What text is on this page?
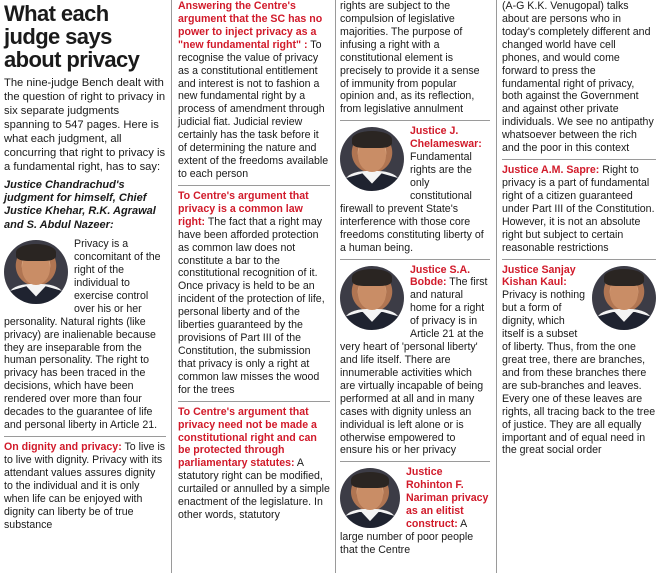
What each judge says about privacy

The nine-judge Bench dealt with the question of right to privacy in six separate judgments spanning to 547 pages. Here is what each judgment, all concurring that right to privacy is a fundamental right, has to say:

Justice Chandrachud's judgment for himself, Chief Justice Khehar, R.K. Agrawal and S. Abdul Nazeer:

Privacy is a concomitant of the right of the individual to exercise control over his or her personality. Natural rights (like privacy) are inalienable because they are inseparable from the human personality. The right to privacy has been traced in the decisions, which have been rendered over more than four decades to the guarantee of life and personal liberty in Article 21.

On dignity and privacy: To live is to live with dignity. Privacy with its attendant values assures dignity to the individual and it is only when life can be enjoyed with dignity can liberty be of true substance

Answering the Centre's argument that the SC has no power to inject privacy as a "new fundamental right" : To recognise the value of privacy as a constitutional entitlement and interest is not to fashion a new fundamental right by a process of amendment through judicial fiat. Judicial review certainly has the task before it of determining the nature and extent of the freedoms available to each person

To Centre's argument that privacy is a common law right: The fact that a right may have been afforded protection as common law does not constitute a bar to the constitutional recognition of it. Once privacy is held to be an incident of the protection of life, personal liberty and of the liberties guaranteed by the provisions of Part III of the Constitution, the submission that privacy is only a right at common law misses the wood for the trees

To Centre's argument that privacy need not be made a constitutional right and can be protected through parliamentary statutes: A statutory right can be modified, curtailed or annulled by a simple enactment of the legislature. In other words, statutory

rights are subject to the compulsion of legislative majorities. The purpose of infusing a right with a constitutional element is precisely to provide it a sense of immunity from popular opinion and, as its reflection, from legislative annulment

Justice J. Chelameswar: Fundamental rights are the only constitutional firewall to prevent State's interference with those core freedoms constituting liberty of a human being.

Justice S.A. Bobde: The first and natural home for a right of privacy is in Article 21 at the very heart of 'personal liberty' and life itself. There are innumerable activities which are virtually incapable of being performed at all and in many cases with dignity unless an individual is left alone or is otherwise empowered to ensure his or her privacy

Justice Rohinton F. Nariman privacy as an elitist construct: A large number of poor people that the Centre

(A-G K.K. Venugopal) talks about are persons who in today's completely different and changed world have cell phones, and would come forward to press the fundamental right of privacy, both against the Government and against other private individuals. We see no antipathy whatsoever between the rich and the poor in this context

Justice A.M. Sapre: Right to privacy is a part of fundamental right of a citizen guaranteed under Part III of the Constitution. However, it is not an absolute right but subject to certain reasonable restrictions

Justice Sanjay Kishan Kaul: Privacy is nothing but a form of dignity, which itself is a subset of liberty. Thus, from the one great tree, there are branches, and from these branches there are sub-branches and leaves. Every one of these leaves are rights, all tracing back to the tree of justice. They are all equally important and of equal need in the great social order
